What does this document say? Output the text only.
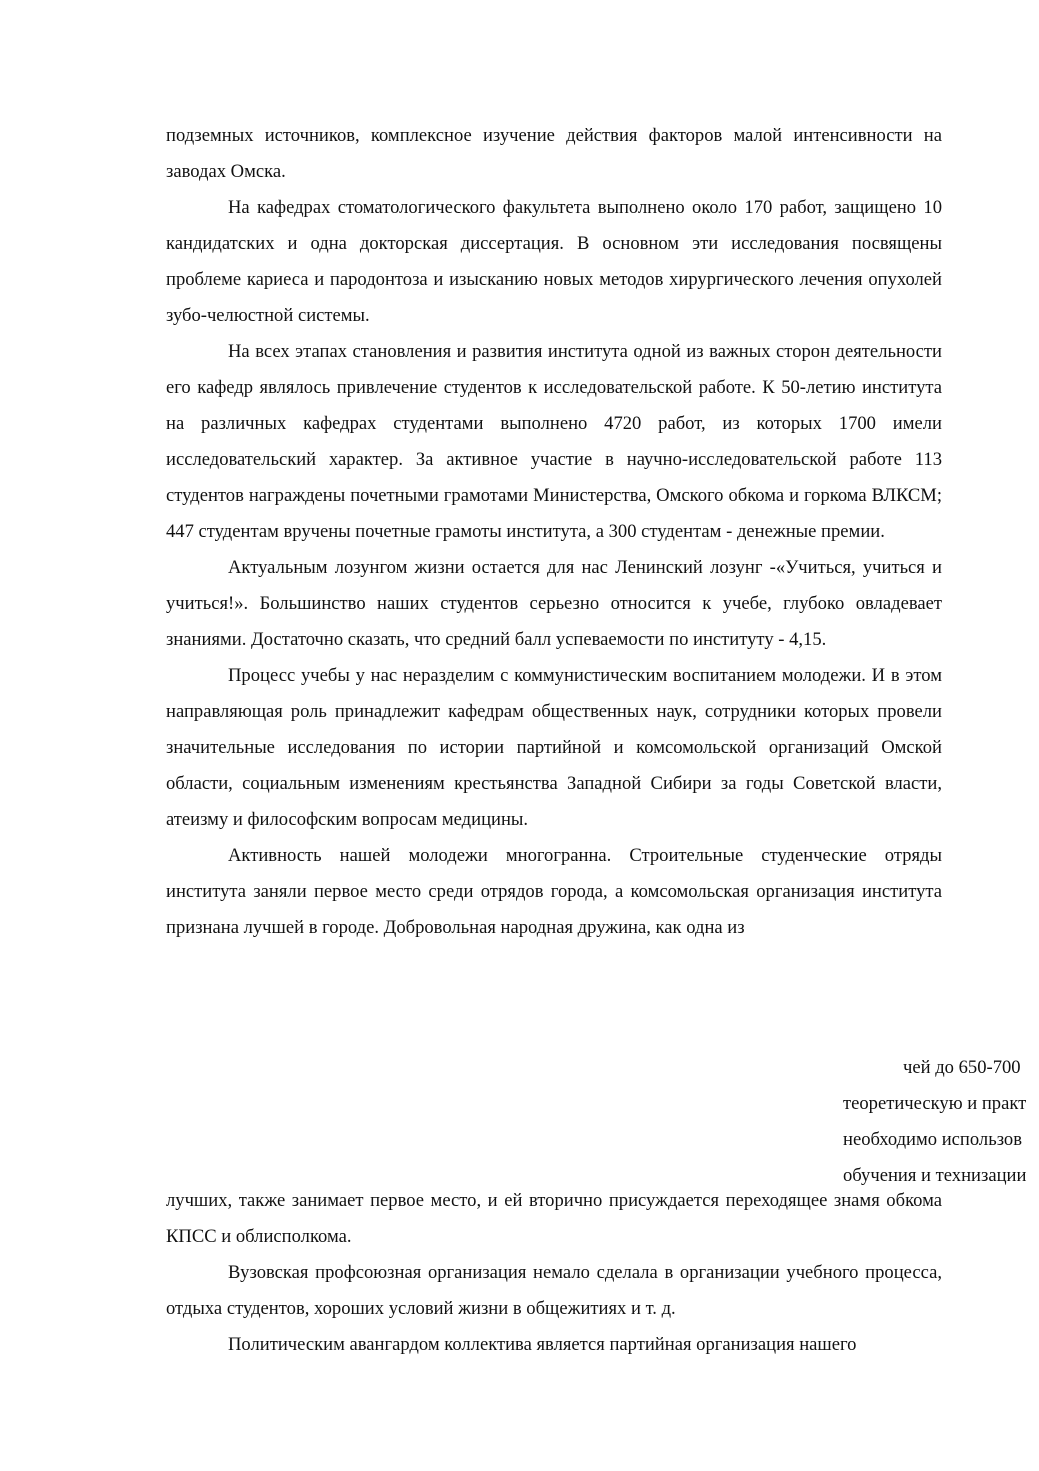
подземных источников, комплексное изучение действия факторов малой интенсивности на заводах Омска.

На кафедрах стоматологического факультета выполнено около 170 работ, защищено 10 кандидатских и одна докторская диссертация. В основном эти исследования посвящены проблеме кариеса и пародонтоза и изысканию новых методов хирургического лечения опухолей зубо-челюстной системы.

На всех этапах становления и развития института одной из важных сторон деятельности его кафедр являлось привлечение студентов к исследовательской работе. К 50-летию института на различных кафедрах студентами выполнено 4720 работ, из которых 1700 имели исследовательский характер. За активное участие в научно-исследовательской работе 113 студентов награждены почетными грамотами Министерства, Омского обкома и горкома ВЛКСМ; 447 студентам вручены почетные грамоты института, а 300 студентам - денежные премии.

Актуальным лозунгом жизни остается для нас Ленинский лозунг -«Учиться, учиться и учиться!». Большинство наших студентов серьезно относится к учебе, глубоко овладевает знаниями. Достаточно сказать, что средний балл успеваемости по институту - 4,15.

Процесс учебы у нас неразделим с коммунистическим воспитанием молодежи. И в этом направляющая роль принадлежит кафедрам общественных наук, сотрудники которых провели значительные исследования по истории партийной и комсомольской организаций Омской области, социальным изменениям крестьянства Западной Сибири за годы Советской власти, атеизму и философским вопросам медицины.

Активность нашей молодежи многогранна. Строительные студенческие отряды института заняли первое место среди отрядов города, а комсомольская организация института признана лучшей в городе. Добровольная народная дружина, как одна из

чей до 650-700
теоретическую и практ
необходимо использов
обучения и технизации

лучших, также занимает первое место, и ей вторично присуждается переходящее знамя обкома КПСС и облисполкома.

Вузовская профсоюзная организация немало сделала в организации учебного процесса, отдыха студентов, хороших условий жизни в общежитиях и т. д.

Политическим авангардом коллектива является партийная организация нашего
